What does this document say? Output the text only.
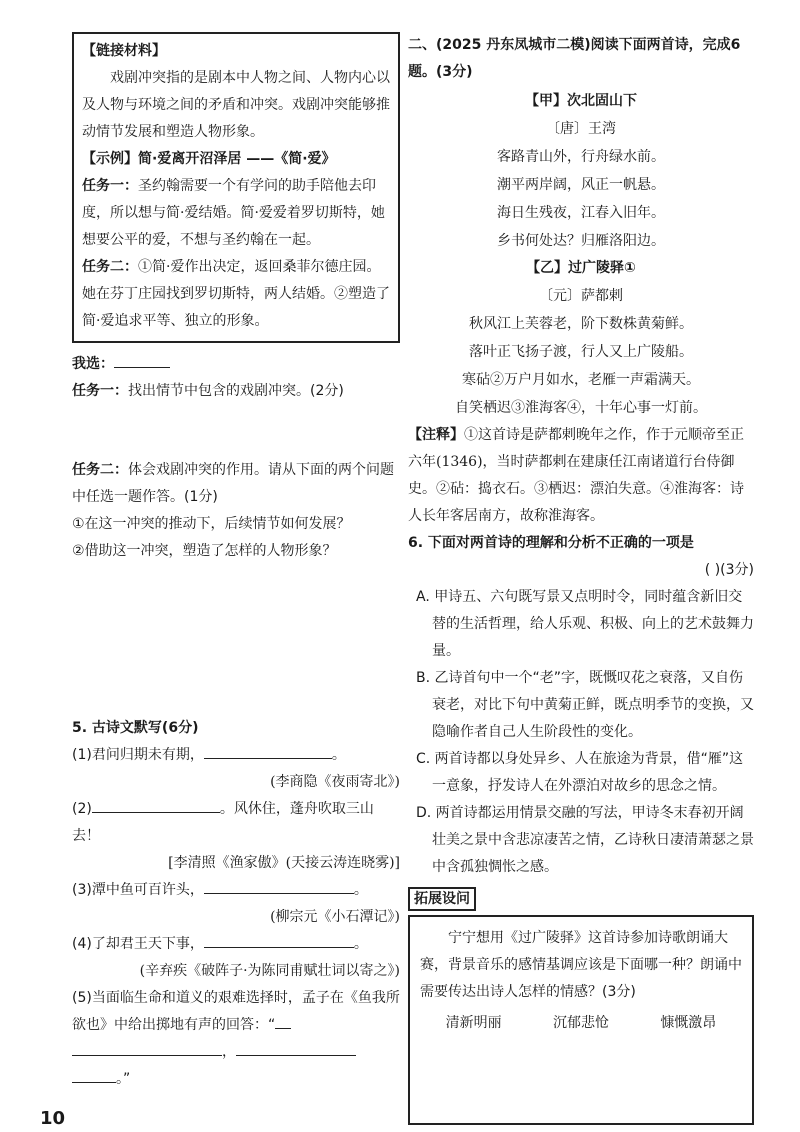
【链接材料】
戏剧冲突指的是剧本中人物之间、人物内心以及人物与环境之间的矛盾和冲突。戏剧冲突能够推动情节发展和塑造人物形象。
【示例】简·爱离开沼泽居 ——《简·爱》
任务一：圣约翰需要一个有学问的助手陪他去印度，所以想与简·爱结婚。简·爱爱着罗切斯特，她想要公平的爱，不想与圣约翰在一起。
任务二：①简·爱作出决定，返回桑菲尔德庄园。她在芬丁庄园找到罗切斯特，两人结婚。②塑造了简·爱追求平等、独立的形象。
我选：
任务一：找出情节中包含的戏剧冲突。(2分)
任务二：体会戏剧冲突的作用。请从下面的两个问题中任选一题作答。(1分)
①在这一冲突的推动下，后续情节如何发展？
②借助这一冲突，塑造了怎样的人物形象？
5. 古诗文默写(6分)
(1)君问归期未有期，	。
(李商隐《夜雨寄北》)
(2)	。风休住，蓬舟吹取三山去！
[李清照《渔家傲》(天接云涛连晓雾)]
(3)潭中鱼可百许头，	。
(柳宗元《小石潭记》)
(4)了却君王天下事，	。
(辛弃疾《破阵子·为陈同甫赋壮词以寄之》)
(5)当面临生命和道义的艰难选择时，孟子在《鱼我所欲也》中给出掷地有声的回答：“
，
。”
二、(2025 丹东凤城市二模)阅读下面两首诗，完成6题。(3分)
【甲】次北固山下
〔唐〕王湾
客路青山外，行舟绿水前。
潮平两岸阔，风正一帆悬。
海日生残夜，江春入旧年。
乡书何处达？归雁洛阳边。
【乙】过广陵驿①
〔元〕萨都剌
秋风江上芙蓉老，阶下数株黄菊鲜。
落叶正飞扬子渡，行人又上广陵船。
寒砧②万户月如水，老雁一声霜满天。
自笑栖迟③淮海客④，十年心事一灯前。
【注释】①这首诗是萨都剌晚年之作，作于元顺帝至正六年(1346)，当时萨都剌在建康任江南诸道行台侍御史。②砧：捣衣石。③栖迟：漂泊失意。④淮海客：诗人长年客居南方，故称淮海客。
6. 下面对两首诗的理解和分析不正确的一项是
( )(3分)
A. 甲诗五、六句既写景又点明时令，同时蕴含新旧交替的生活哲理，给人乐观、积极、向上的艺术鼓舞力量。
B. 乙诗首句中一个“老”字，既慨叹花之衰落，又自伤衰老，对比下句中黄菊正鲜，既点明季节的变换，又隐喻作者自己人生阶段性的变化。
C. 两首诗都以身处异乡、人在旅途为背景，借“雁”这一意象，抒发诗人在外漂泊对故乡的思念之情。
D. 两首诗都运用情景交融的写法，甲诗冬末春初开阔壮美之景中含悲凉凄苦之情，乙诗秋日凄清萧瑟之景中含孤独惆怅之感。
拓展设问
宁宁想用《过广陵驿》这首诗参加诗歌朗诵大赛，背景音乐的感情基调应该是下面哪一种？朗诵中需要传达出诗人怎样的情感？(3分)
清新明丽	沉郁悲怆	慷慨激昂
10
